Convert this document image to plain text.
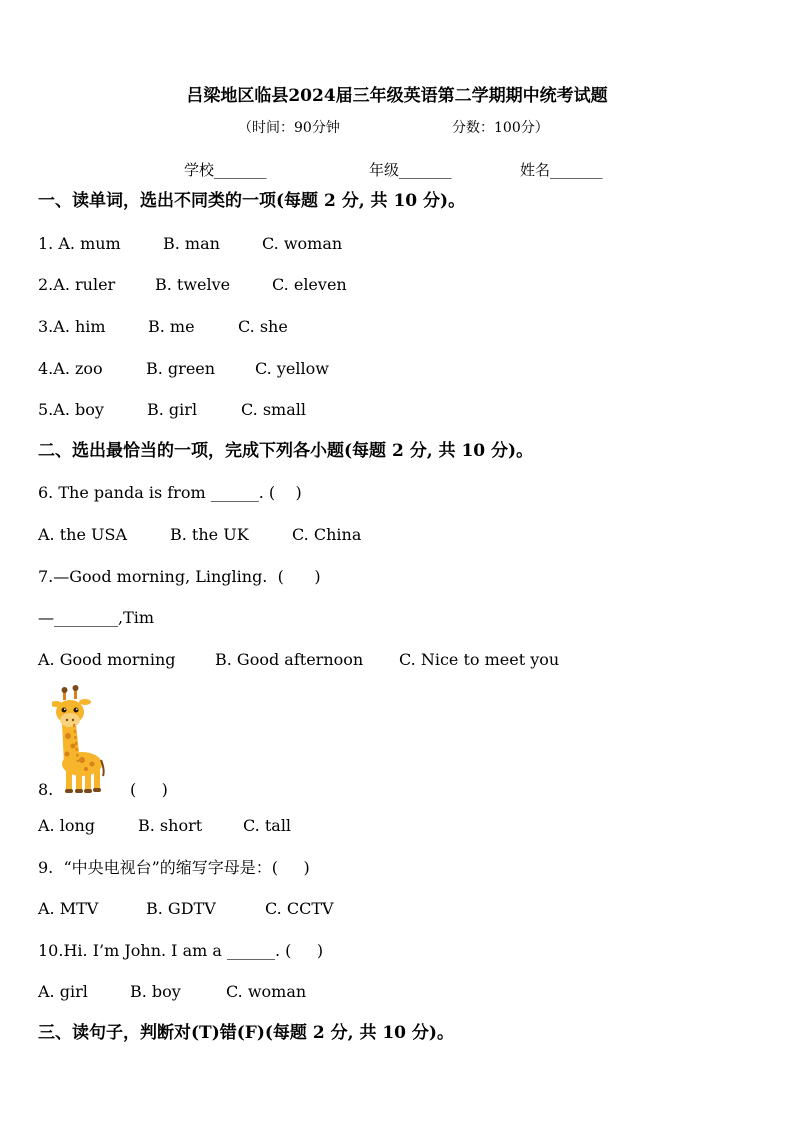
吕梁地区临县2024届三年级英语第二学期期中统考试题
（时间：90分钟	分数：100分）
学校_______	年级_______	姓名_______
一、读单词，选出不同类的一项(每题 2 分, 共 10 分)。
1. A. mum	B. man	C. woman
2.A. ruler B. twelve	C. eleven
3.A. him	B. me	C. she
4.A. zoo	B. green C. yellow
5.A. boy	B. girl	C. small
二、选出最恰当的一项，完成下列各小题(每题 2 分, 共 10 分)。
6. The panda is from ______. (    )
A. the USA	B. the UK	C. China
7.—Good morning, Lingling.  (      )
—________,Tim
A. Good morning B. Good afternoon C. Nice to meet you
8.	(     )
A. long	B. short	C. tall
9.  “中央电视台”的缩写字母是：(     )
A. MTV	B. GDTV	C. CCTV
10.Hi. I’m John. I am a ______. (     )
A. girl	B. boy	C. woman
三、读句子，判断对(T)错(F)(每题 2 分, 共 10 分)。
